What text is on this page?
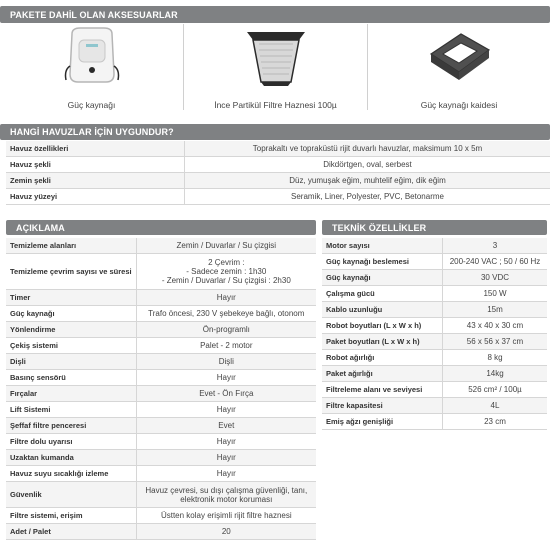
PAKETE DAHİL OLAN AKSESUARLAR
Güç kaynağı	İnce Partikül Filtre Haznesi 100µ	Güç kaynağı kaidesi
HANGİ HAVUZLAR İÇİN UYGUNDUR?
Havuz özellikleri	Toprakaltı ve topraküstü rijit duvarlı havuzlar, maksimum 10 x 5m
Havuz şekli	Dikdörtgen, oval, serbest
Zemin şekli	Düz, yumuşak eğim, muhtelif eğim, dik eğim
Havuz yüzeyi	Seramik, Liner, Polyester, PVC, Betonarme
AÇIKLAMA
Temizleme alanları	Zemin / Duvarlar / Su çizgisi
Temizleme çevrim sayısı ve süresi	2 Çevrim :
- Sadece zemin : 1h30
- Zemin / Duvarlar / Su çizgisi : 2h30
Timer	Hayır
Güç kaynağı	Trafo öncesi, 230 V şebekeye bağlı, otonom
Yönlendirme	Ön-programlı
Çekiş sistemi	Palet - 2 motor
Dişli	Dişli
Basınç sensörü	Hayır
Fırçalar	Evet - Ön Fırça
Lift Sistemi	Hayır
Şeffaf filtre penceresi	Evet
Filtre dolu uyarısı	Hayır
Uzaktan kumanda	Hayır
Havuz suyu sıcaklığı izleme	Hayır
Güvenlik	Havuz çevresi, su dışı çalışma güvenliği, tanı,
elektronik motor koruması
Filtre sistemi, erişim	Üstten kolay erişimli rijit filtre haznesi
Adet / Palet	20
TEKNİK ÖZELLİKLER
Motor sayısı	3
Güç kaynağı beslemesi	200-240 VAC ; 50 / 60 Hz
Güç kaynağı	30 VDC
Çalışma gücü	150 W
Kablo uzunluğu	15m
Robot boyutları (L x W x h)	43 x 40 x 30 cm
Paket boyutları (L x W x h)	56 x 56 x 37 cm
Robot ağırlığı	8 kg
Paket ağırlığı	14kg
Filtreleme alanı ve seviyesi	526 cm² / 100µ
Filtre kapasitesi	4L
Emiş ağzı genişliği	23 cm
